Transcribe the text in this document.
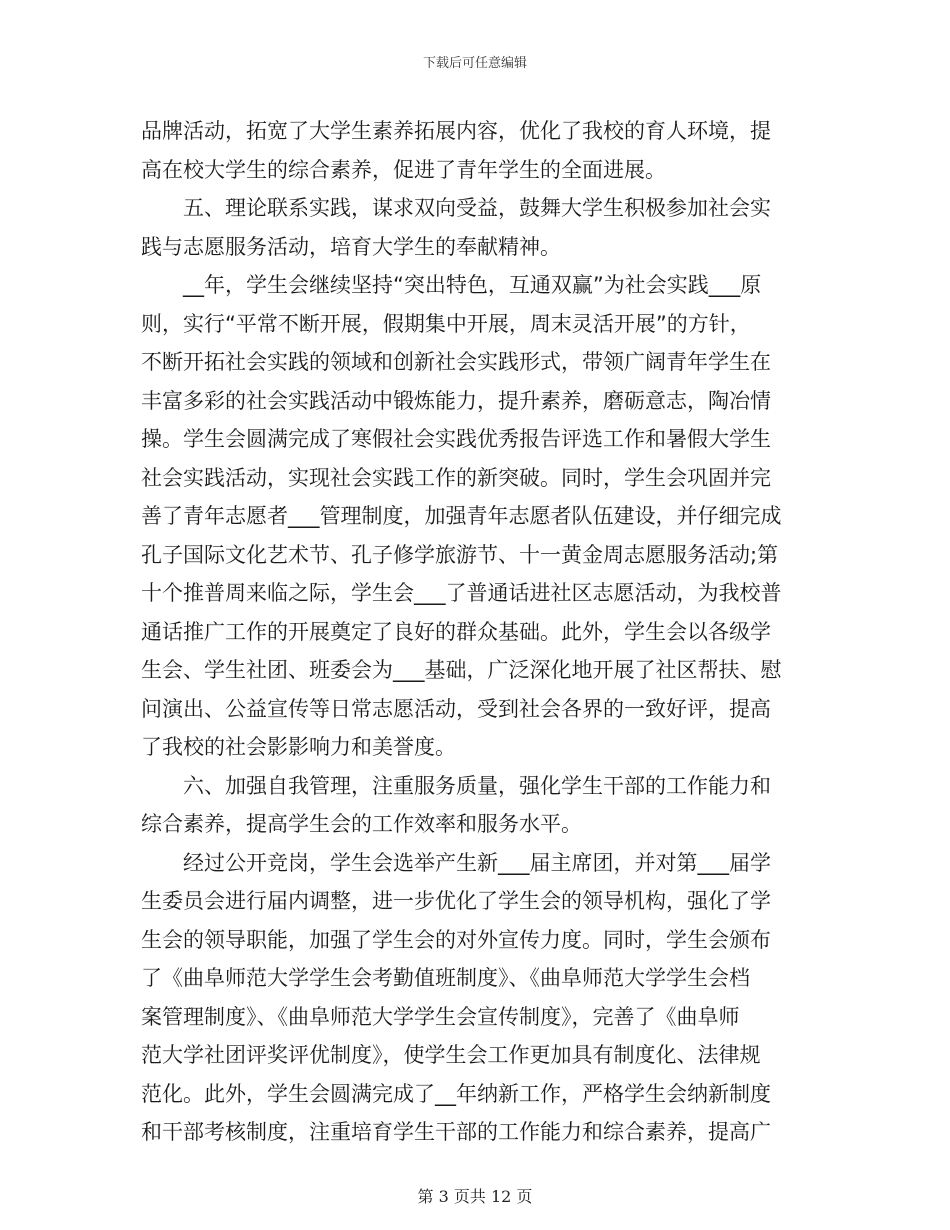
下载后可任意编辑
品牌活动，拓宽了大学生素养拓展内容，优化了我校的育人环境，提
高在校大学生的综合素养，促进了青年学生的全面进展。
　　五、理论联系实践，谋求双向受益，鼓舞大学生积极参加社会实
践与志愿服务活动，培育大学生的奉献精神。
　　__年，学生会继续坚持“突出特色，互通双赢”为社会实践___原
则，实行“平常不断开展，假期集中开展，周末灵活开展”的方针，
不断开拓社会实践的领域和创新社会实践形式，带领广阔青年学生在
丰富多彩的社会实践活动中锻炼能力，提升素养，磨砺意志，陶冶情
操。学生会圆满完成了寒假社会实践优秀报告评选工作和暑假大学生
社会实践活动，实现社会实践工作的新突破。同时，学生会巩固并完
善了青年志愿者___管理制度，加强青年志愿者队伍建设，并仔细完成
孔子国际文化艺术节、孔子修学旅游节、十一黄金周志愿服务活动;第
十个推普周来临之际，学生会___了普通话进社区志愿活动，为我校普
通话推广工作的开展奠定了良好的群众基础。此外，学生会以各级学
生会、学生社团、班委会为___基础，广泛深化地开展了社区帮扶、慰
问演出、公益宣传等日常志愿活动，受到社会各界的一致好评，提高
了我校的社会影影响力和美誉度。
　　六、加强自我管理，注重服务质量，强化学生干部的工作能力和
综合素养，提高学生会的工作效率和服务水平。
　　经过公开竞岗，学生会选举产生新___届主席团，并对第___届学
生委员会进行届内调整，进一步优化了学生会的领导机构，强化了学
生会的领导职能，加强了学生会的对外宣传力度。同时，学生会颁布
了《曲阜师范大学学生会考勤值班制度》、《曲阜师范大学学生会档
案管理制度》、《曲阜师范大学学生会宣传制度》，完善了《曲阜师
范大学社团评奖评优制度》，使学生会工作更加具有制度化、法律规
范化。此外，学生会圆满完成了__年纳新工作，严格学生会纳新制度
和干部考核制度，注重培育学生干部的工作能力和综合素养，提高广
第 3 页共 12 页
